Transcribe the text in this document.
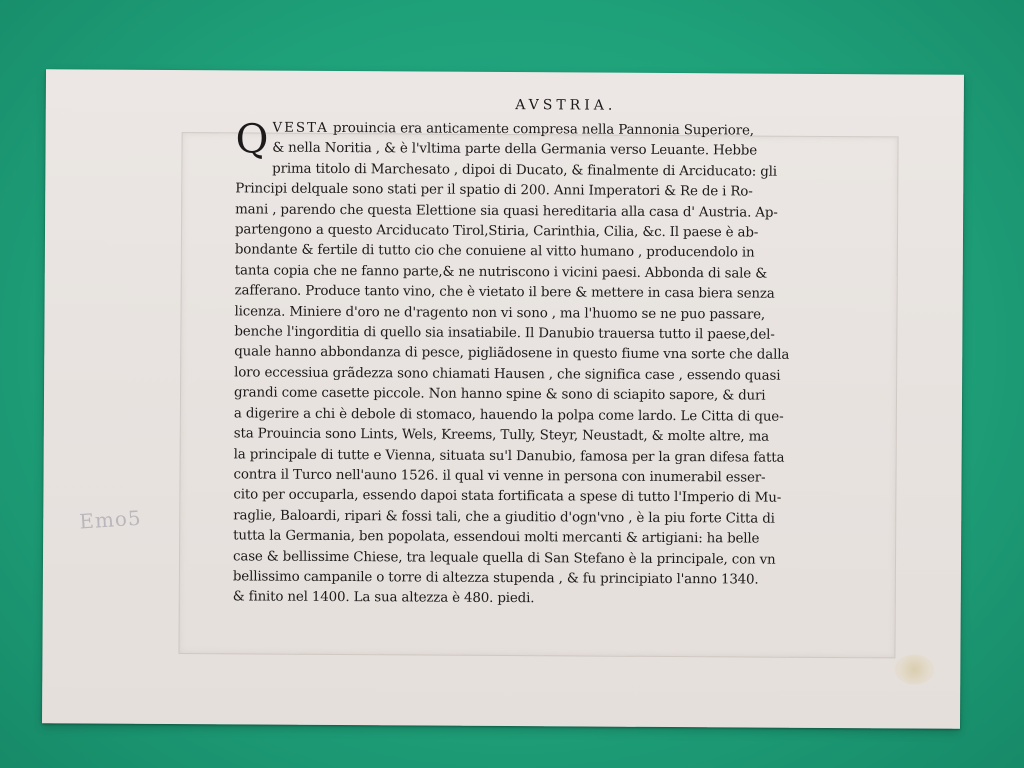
Emo5
AVSTRIA.
Q VESTA prouincia era anticamente compresa nella Pannonia Superiore,
& nella Noritia , & è l'vltima parte della Germania verso Leuante. Hebbe
prima titolo di Marchesato , dipoi di Ducato, & finalmente di Arciducato: gli
Principi delquale sono stati per il spatio di 200. Anni Imperatori & Re de i Ro-
mani , parendo che questa Elettione sia quasi hereditaria alla casa d' Austria. Ap-
partengono a questo Arciducato Tirol,Stiria, Carinthia, Cilia, &c. Il paese è ab-
bondante & fertile di tutto cio che conuiene al vitto humano , producendolo in
tanta copia che ne fanno parte,& ne nutriscono i vicini paesi. Abbonda di sale &
zafferano. Produce tanto vino, che è vietato il bere & mettere in casa biera senza
licenza. Miniere d'oro ne d'ragento non vi sono , ma l'huomo se ne puo passare,
benche l'ingorditia di quello sia insatiabile. Il Danubio trauersa tutto il paese,del-
quale hanno abbondanza di pesce, pigliãdosene in questo fiume vna sorte che dalla
loro eccessiua grãdezza sono chiamati Hausen , che significa case , essendo quasi
grandi come casette piccole. Non hanno spine & sono di sciapito sapore, & duri
a digerire a chi è debole di stomaco, hauendo la polpa come lardo. Le Citta di que-
sta Prouincia sono Lints, Wels, Kreems, Tully, Steyr, Neustadt, & molte altre, ma
la principale di tutte e Vienna, situata su'l Danubio, famosa per la gran difesa fatta
contra il Turco nell'auno 1526. il qual vi venne in persona con inumerabil esser-
cito per occuparla, essendo dapoi stata fortificata a spese di tutto l'Imperio di Mu-
raglie, Baloardi, ripari & fossi tali, che a giuditio d'ogn'vno , è la piu forte Citta di
tutta la Germania, ben popolata, essendoui molti mercanti & artigiani: ha belle
case & bellissime Chiese, tra lequale quella di San Stefano è la principale, con vn
bellissimo campanile o torre di altezza stupenda , & fu principiato l'anno 1340.
& finito nel 1400. La sua altezza è 480. piedi.
